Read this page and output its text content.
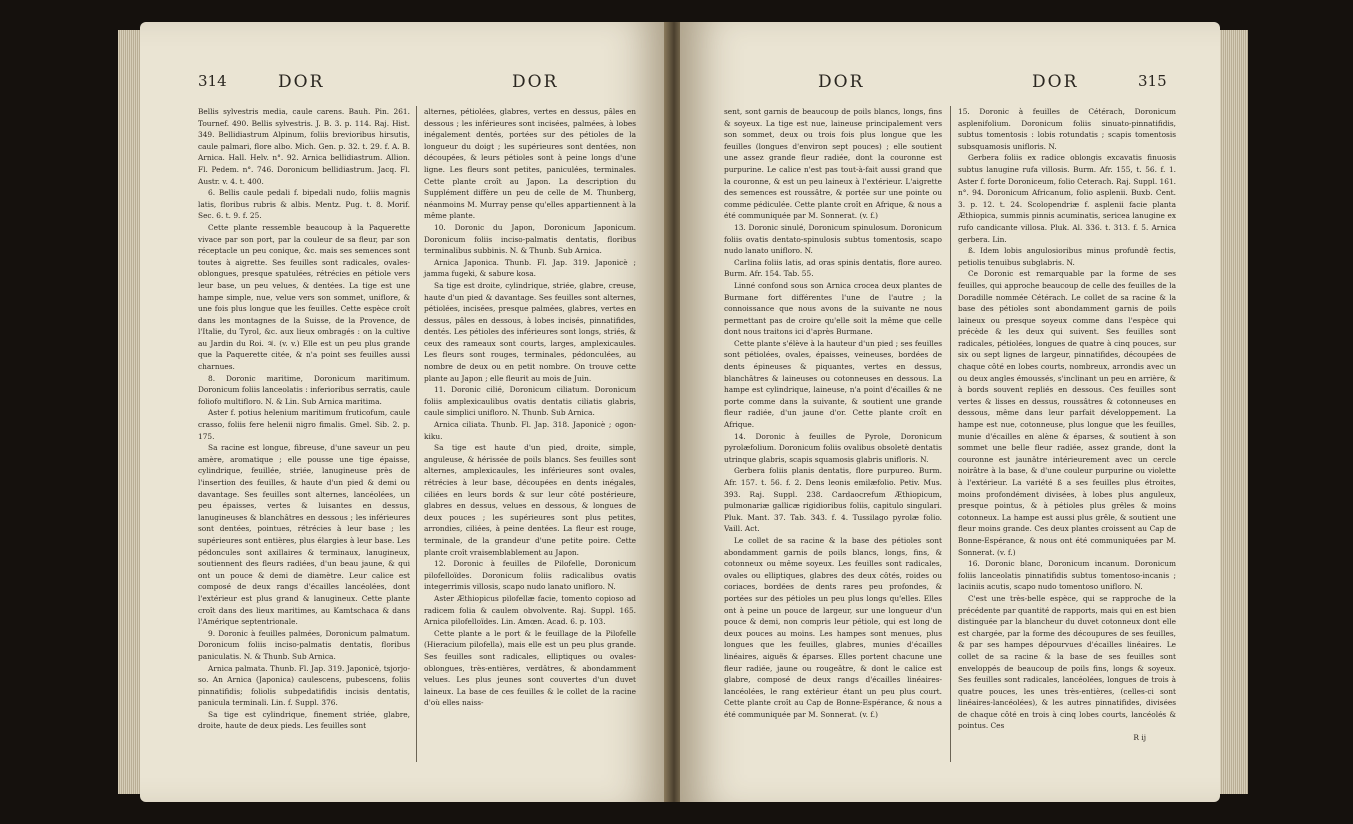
314	DOR	DOR

Bellis sylvestris media, caule carens. Bauh. Pin. 261. Tournef. 490. Bellis sylvestris. J. B. 3. p. 114. Raj. Hist. 349. Bellidiastrum Alpinum, foliis brevioribus hirsutis, caule palmari, flore albo. Mich. Gen. p. 32. t. 29. f. A. B. Arnica. Hall. Helv. n°. 92. Arnica bellidiastrum. Allion. Fl. Pedem. n°. 746. Doronicum bellidiastrum. Jacq. Fl. Austr. v. 4. t. 400.

6. Bellis caule pedali f. bipedali nudo, foliis magnis latis, floribus rubris & albis. Mentz. Pug. t. 8. Morif. Sec. 6. t. 9. f. 25.

Cette plante ressemble beaucoup à la Paquerette vivace par son port, par la couleur de sa fleur, par son réceptacle un peu conique, &c. mais ses semences sont toutes à aigrette. Ses feuilles sont radicales, ovales-oblongues, presque spatulées, rétrécies en pétiole vers leur base, un peu velues, & dentées. La tige est une hampe simple, nue, velue vers son sommet, uniflore, & une fois plus longue que les feuilles. Cette espèce croît dans les montagnes de la Suisse, de la Provence, de l'Italie, du Tyrol, &c. aux lieux ombragés : on la cultive au Jardin du Roi. ♃. (v. v.) Elle est un peu plus grande que la Paquerette citée, & n'a point ses feuilles aussi charnues.

8. Doronic maritime, Doronicum maritimum. Doronicum foliis lanceolatis : inferioribus serratis, caule foliofo multifloro. N. & Lin. Sub Arnica maritima.

Aster f. potius helenium maritimum fruticofum, caule crasso, foliis fere helenii nigro fimalis. Gmel. Sib. 2. p. 175.

Sa racine est longue, fibreuse, d'une saveur un peu amère, aromatique ; elle pousse une tige épaisse, cylindrique, feuillée, striée, lanugineuse près de l'insertion des feuilles, & haute d'un pied & demi ou davantage. Ses feuilles sont alternes, lancéolées, un peu épaisses, vertes & luisantes en dessus, lanugineuses & blanchâtres en dessous ; les inférieures sont dentées, pointues, rétrécies à leur base ; les supérieures sont entières, plus élargies à leur base. Les pédoncules sont axillaires & terminaux, lanugineux, soutiennent des fleurs radiées, d'un beau jaune, & qui ont un pouce & demi de diamètre. Leur calice est composé de deux rangs d'écailles lancéolées, dont l'extérieur est plus grand & lanugineux. Cette plante croît dans des lieux maritimes, au Kamtschaca & dans l'Amérique septentrionale.

9. Doronic à feuilles palmées, Doronicum palmatum. Doronicum foliis inciso-palmatis dentatis, floribus paniculatis. N. & Thunb. Sub Arnica.

Arnica palmata. Thunb. Fl. Jap. 319. Japonicè, tsjorjo-so. An Arnica (Japonica) caulescens, pubescens, foliis pinnatifidis; foliolis subpedatifidis incisis dentatis, panicula terminali. Lin. f. Suppl. 376.

Sa tige est cylindrique, finement striée, glabre, droite, haute de deux pieds. Les feuilles sont

alternes, pétiolées, glabres, vertes en dessus, pâles en dessous ; les inférieures sont incisées, palmées, à lobes inégalement dentés, portées sur des pétioles de la longueur du doigt ; les supérieures sont dentées, non découpées, & leurs pétioles sont à peine longs d'une ligne. Les fleurs sont petites, paniculées, terminales. Cette plante croît au Japon. La description du Supplément diffère un peu de celle de M. Thunberg, néanmoins M. Murray pense qu'elles appartiennent à la même plante.

10. Doronic du Japon, Doronicum Japonicum. Doronicum foliis inciso-palmatis dentatis, floribus terminalibus subbinis. N. & Thunb. Sub Arnica.

Arnica Japonica. Thunb. Fl. Jap. 319. Japonicè ; jamma fugeki, & sabure kosa.

Sa tige est droite, cylindrique, striée, glabre, creuse, haute d'un pied & davantage. Ses feuilles sont alternes, pétiolées, incisées, presque palmées, glabres, vertes en dessus, pâles en dessous, à lobes incisés, pinnatifides, dentés. Les pétioles des inférieures sont longs, striés, & ceux des rameaux sont courts, larges, amplexicaules. Les fleurs sont rouges, terminales, pédonculées, au nombre de deux ou en petit nombre. On trouve cette plante au Japon ; elle fleurit au mois de Juin.

11. Doronic cilié, Doronicum ciliatum. Doronicum foliis amplexicaulibus ovatis dentatis ciliatis glabris, caule simplici unifloro. N. Thunb. Sub Arnica.

Arnica ciliata. Thunb. Fl. Jap. 318. Japonicè ; ogon-kiku.

Sa tige est haute d'un pied, droite, simple, anguleuse, & hérissée de poils blancs. Ses feuilles sont alternes, amplexicaules, les inférieures sont ovales, rétrécies à leur base, découpées en dents inégales, ciliées en leurs bords & sur leur côté postérieure, glabres en dessus, velues en dessous, & longues de deux pouces ; les supérieures sont plus petites, arrondies, ciliées, à peine dentées. La fleur est rouge, terminale, de la grandeur d'une petite poire. Cette plante croît vraisemblablement au Japon.

12. Doronic à feuilles de Pilofelle, Doronicum pilofelloïdes. Doronicum foliis radicalibus ovatis integerrimis villosis, scapo nudo lanato unifloro. N.

Aster Æthiopicus pilofellæ facie, tomento copioso ad radicem folia & caulem obvolvente. Raj. Suppl. 165. Arnica pilofelloïdes. Lin. Amœn. Acad. 6. p. 103.

Cette plante a le port & le feuillage de la Pilofelle (Hieracium pilofella), mais elle est un peu plus grande. Ses feuilles sont radicales, elliptiques ou ovales-oblongues, très-entières, verdâtres, & abondamment velues. Les plus jeunes sont couvertes d'un duvet laineux. La base de ces feuilles & le collet de la racine d'où elles naiss-

DOR	DOR	315

sent, sont garnis de beaucoup de poils blancs, longs, fins & soyeux. La tige est nue, laineuse principalement vers son sommet, deux ou trois fois plus longue que les feuilles (longues d'environ sept pouces) ; elle soutient une assez grande fleur radiée, dont la couronne est purpurine. Le calice n'est pas tout-à-fait aussi grand que la couronne, & est un peu laineux à l'extérieur. L'aigrette des semences est roussâtre, & portée sur une pointe ou comme pédiculée. Cette plante croît en Afrique, & nous a été communiquée par M. Sonnerat. (v. f.)

13. Doronic sinulé, Doronicum spinulosum. Doronicum foliis ovatis dentato-spinulosis subtus tomentosis, scapo nudo lanato unifloro. N.

Carlina foliis latis, ad oras spinis dentatis, flore aureo. Burm. Afr. 154. Tab. 55.

Linné confond sous son Arnica crocea deux plantes de Burmane fort différentes l'une de l'autre ; la connoissance que nous avons de la suivante ne nous permettant pas de croire qu'elle soit la même que celle dont nous traitons ici d'après Burmane.

Cette plante s'élève à la hauteur d'un pied ; ses feuilles sont pétiolées, ovales, épaisses, veineuses, bordées de dents épineuses & piquantes, vertes en dessus, blanchâtres & laineuses ou cotonneuses en dessous. La hampe est cylindrique, laineuse, n'a point d'écailles & ne porte comme dans la suivante, & soutient une grande fleur radiée, d'un jaune d'or. Cette plante croît en Afrique.

14. Doronic à feuilles de Pyrole, Doronicum pyrolæfolium. Doronicum foliis ovalibus obsoletè dentatis utrinque glabris, scapis squamosis glabris unifloris. N.

Gerbera foliis planis dentatis, flore purpureo. Burm. Afr. 157. t. 56. f. 2. Dens leonis emilæfolio. Petiv. Mus. 393. Raj. Suppl. 238. Cardaocrefum Æthiopicum, pulmonariæ gallicæ rigidioribus foliis, capitulo singulari. Pluk. Mant. 37. Tab. 343. f. 4. Tussilago pyrolæ folio. Vaill. Act.

Le collet de sa racine & la base des pétioles sont abondamment garnis de poils blancs, longs, fins, & cotonneux ou même soyeux. Les feuilles sont radicales, ovales ou elliptiques, glabres des deux côtés, roides ou coriaces, bordées de dents rares peu profondes, & portées sur des pétioles un peu plus longs qu'elles. Elles ont à peine un pouce de largeur, sur une longueur d'un pouce & demi, non compris leur pétiole, qui est long de deux pouces au moins. Les hampes sont menues, plus longues que les feuilles, glabres, munies d'écailles linéaires, aiguës & éparses. Elles portent chacune une fleur radiée, jaune ou rougeâtre, & dont le calice est glabre, composé de deux rangs d'écailles linéaires-lancéolées, le rang extérieur étant un peu plus court. Cette plante croît au Cap de Bonne-Espérance, & nous a été communiquée par M. Sonnerat. (v. f.)

15. Doronic à feuilles de Cétérach, Doronicum asplenifolium. Doronicum foliis sinuato-pinnatifidis, subtus tomentosis : lobis rotundatis ; scapis tomentosis subsquamosis unifloris. N.

Gerbera foliis ex radice oblongis excavatis finuosis subtus lanugine rufa villosis. Burm. Afr. 155, t. 56. f. 1. Aster f. forte Doroniceum, folio Ceterach. Raj. Suppl. 161. n°. 94. Doronicum Africanum, folio asplenii. Buxb. Cent. 3. p. 12. t. 24. Scolopendriæ f. asplenii facie planta Æthiopica, summis pinnis acuminatis, sericea lanugine ex rufo candicante villosa. Pluk. Al. 336. t. 313. f. 5. Arnica gerbera. Lin.

ß. Idem lobis angulosioribus minus profundè fectis, petiolis tenuibus subglabris. N.

Ce Doronic est remarquable par la forme de ses feuilles, qui approche beaucoup de celle des feuilles de la Doradille nommée Cétérach. Le collet de sa racine & la base des pétioles sont abondamment garnis de poils laineux ou presque soyeux comme dans l'espèce qui précède & les deux qui suivent. Ses feuilles sont radicales, pétiolées, longues de quatre à cinq pouces, sur six ou sept lignes de largeur, pinnatifides, découpées de chaque côté en lobes courts, nombreux, arrondis avec un ou deux angles émoussés, s'inclinant un peu en arrière, & à bords souvent repliés en dessous. Ces feuilles sont vertes & lisses en dessus, roussâtres & cotonneuses en dessous, même dans leur parfait développement. La hampe est nue, cotonneuse, plus longue que les feuilles, munie d'écailles en alène & éparses, & soutient à son sommet une belle fleur radiée, assez grande, dont la couronne est jaunâtre intérieurement avec un cercle noirâtre à la base, & d'une couleur purpurine ou violette à l'extérieur. La variété ß a ses feuilles plus étroites, moins profondément divisées, à lobes plus anguleux, presque pointus, & à pétioles plus grêles & moins cotonneux. La hampe est aussi plus grêle, & soutient une fleur moins grande. Ces deux plantes croissent au Cap de Bonne-Espérance, & nous ont été communiquées par M. Sonnerat. (v. f.)

16. Doronic blanc, Doronicum incanum. Doronicum foliis lanceolatis pinnatifidis subtus tomentoso-incanis ; laciniis acutis, scapo nudo tomentoso unifloro. N.

C'est une très-belle espèce, qui se rapproche de la précédente par quantité de rapports, mais qui en est bien distinguée par la blancheur du duvet cotonneux dont elle est chargée, par la forme des découpures de ses feuilles, & par ses hampes dépourvues d'écailles linéaires. Le collet de sa racine & la base de ses feuilles sont enveloppés de beaucoup de poils fins, longs & soyeux. Ses feuilles sont radicales, lancéolées, longues de trois à quatre pouces, les unes très-entières, (celles-ci sont linéaires-lancéolées), & les autres pinnatifides, divisées de chaque côté en trois à cinq lobes courts, lancéolés & pointus. Ces

R ij
